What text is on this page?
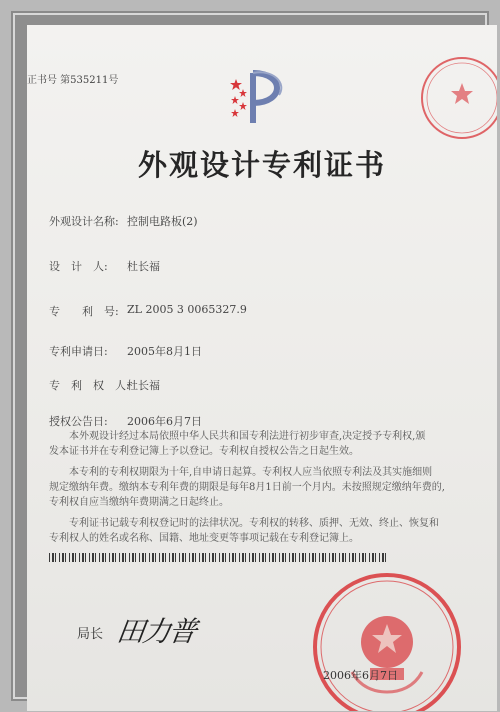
正书号 第535211号
外观设计专利证书
外观设计名称: 控制电路板(2)
设　计　人: 杜长福
专　　利　号: ZL 2005 3 0065327.9
专利申请日: 2005年8月1日
专　利　权　人:
杜长福
授权公告日: 2006年6月7日
本外观设计经过本局依照中华人民共和国专利法进行初步审查,决定授予专利权,颁
发本证书并在专利登记簿上予以登记。专利权自授权公告之日起生效。
本专利的专利权期限为十年,自申请日起算。专利权人应当依照专利法及其实施细则
规定缴纳年费。缴纳本专利年费的期限是每年8月1日前一个月内。未按照规定缴纳年费的,
专利权自应当缴纳年费期满之日起终止。
专利证书记载专利权登记时的法律状况。专利权的转移、质押、无效、终止、恢复和
专利权人的姓名或名称、国籍、地址变更等事项记载在专利登记簿上。
局长 田力普
2006年6月7日
